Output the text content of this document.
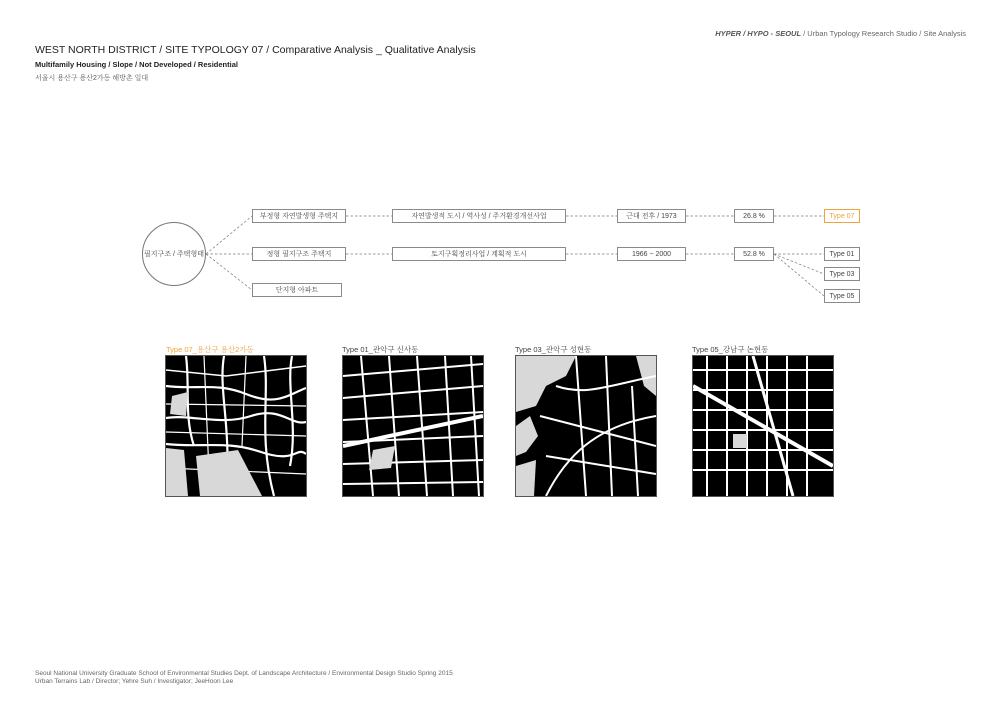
HYPER / HYPO - SEOUL / Urban Typology Research Studio / Site Analysis
WEST NORTH DISTRICT / SITE TYPOLOGY 07 / Comparative Analysis _ Qualitative Analysis
Multifamily Housing / Slope / Not Developed / Residential
서울시 용산구 용산2가동 해방촌 일대
필지구조 / 주택형태
부정형 자연발생형 주택지
정형 필지구조 주택지
단지형 아파트
자연발생적 도시 / 역사성 / 주거환경개선사업
토지구획정리사업 / 계획적 도시
근대 전후 / 1973
1966 ~ 2000
26.8 %
52.8 %
Type 07
Type 01
Type 03
Type 05
Type 07_용산구 용산2가동	Type 01_관악구 신사동	Type 03_관악구 성현동	Type 05_강남구 논현동
Seoul National University Graduate School of Environmental Studies Dept. of Landscape Architecture / Environmental Design Studio Spring 2015
Urban Terrains Lab / Director; Yehre Suh / Investigator; JeeHoon Lee
